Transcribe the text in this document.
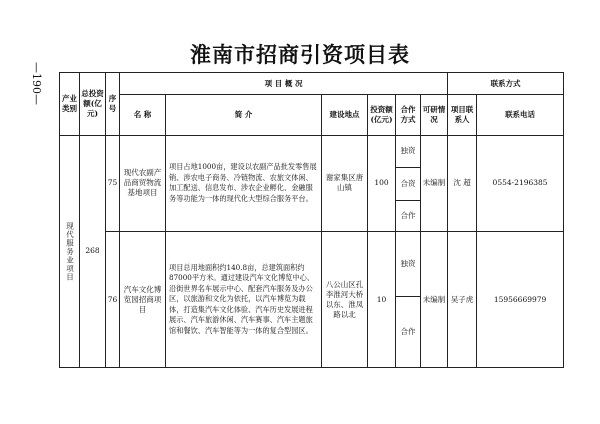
—190—
淮南市招商引资项目表
产业类别	总投资额(亿元)	序号	项 目 概 况						联系方式	
			名 称	简 介	建设地点	投资额(亿元)	合作方式	可研情况	项目联系人	联系电话

现代服务业项目	268	75	现代农副产品商贸物流基地项目	项目占地1000亩，建设以农副产品批发零售展销、涉农电子商务、冷链物流、农旅文体闲、加工配送、信息发布、涉农企业孵化、金融服务等功能为一体的现代化大型综合服务平台。	谢家集区唐山镇	100	独资	未编制	沈 超	0554-2196385
							合资			
							合作			
		76	汽车文化博览园招商项目	项目总用地面积约140.8亩，总建筑面积约87000平方米。通过建设汽车文化博览中心、沿街世界名车展示中心、配套汽车服务及办公区，以旅游和文化为依托，以汽车博览为载体，打造集汽车文化体验、汽车历史发展进程展示、汽车旅游休闲、汽车赛事、汽车主题旅馆和餐饮、汽车智能等为一体的复合型园区。	八公山区孔李淮河大桥以东、淮凤路以北	10	独资	未编制	吴子虎	15956669979
							合作			
